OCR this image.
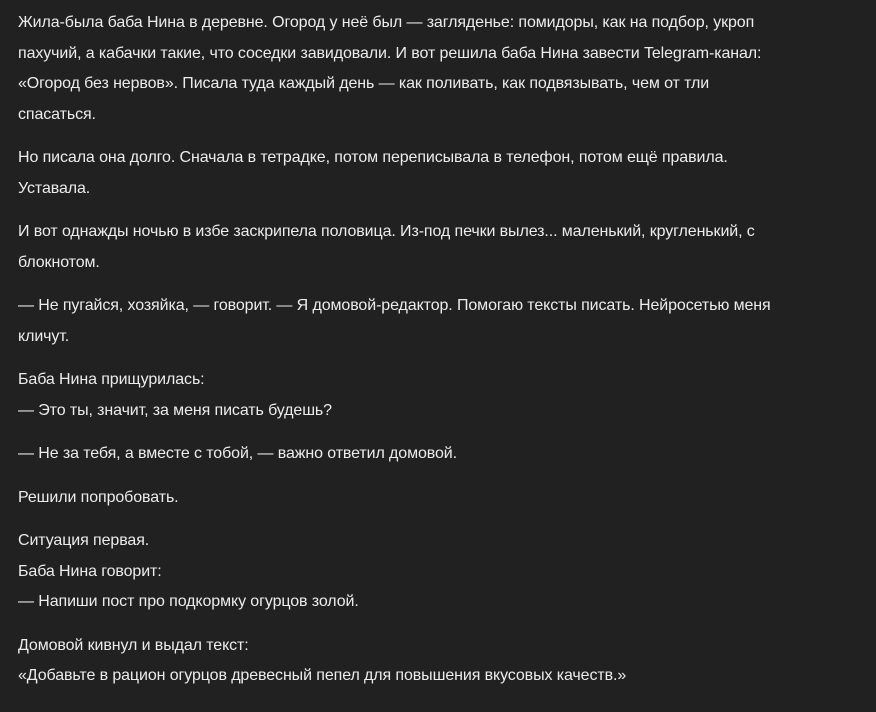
Жила-была баба Нина в деревне. Огород у неё был — загляденье: помидоры, как на подбор, укроп
пахучий, а кабачки такие, что соседки завидовали. И вот решила баба Нина завести Telegram-канал:
«Огород без нервов». Писала туда каждый день — как поливать, как подвязывать, чем от тли
спасаться.
Но писала она долго. Сначала в тетрадке, потом переписывала в телефон, потом ещё правила.
Уставала.
И вот однажды ночью в избе заскрипела половица. Из-под печки вылез... маленький, кругленький, с
блокнотом.
— Не пугайся, хозяйка, — говорит. — Я домовой-редактор. Помогаю тексты писать. Нейросетью меня
кличут.
Баба Нина прищурилась:
— Это ты, значит, за меня писать будешь?
— Не за тебя, а вместе с тобой, — важно ответил домовой.
Решили попробовать.
Ситуация первая.
Баба Нина говорит:
— Напиши пост про подкормку огурцов золой.
Домовой кивнул и выдал текст:
«Добавьте в рацион огурцов древесный пепел для повышения вкусовых качеств.»
